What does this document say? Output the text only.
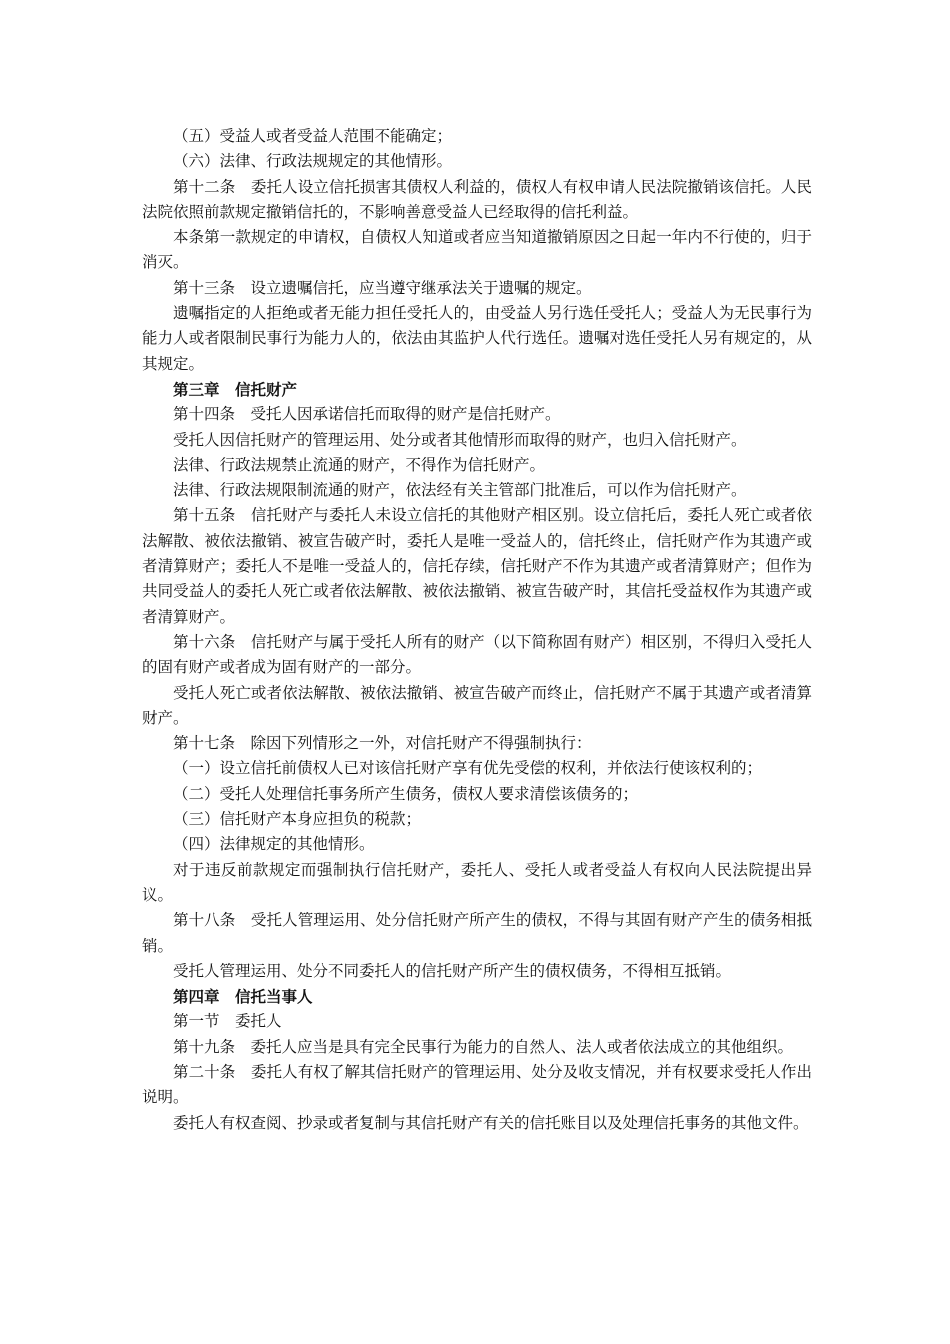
（五）受益人或者受益人范围不能确定；

（六）法律、行政法规规定的其他情形。

第十二条　委托人设立信托损害其债权人利益的，债权人有权申请人民法院撤销该信托。人民法院依照前款规定撤销信托的，不影响善意受益人已经取得的信托利益。

本条第一款规定的申请权，自债权人知道或者应当知道撤销原因之日起一年内不行使的，归于消灭。

第十三条　设立遗嘱信托，应当遵守继承法关于遗嘱的规定。

遗嘱指定的人拒绝或者无能力担任受托人的，由受益人另行选任受托人；受益人为无民事行为能力人或者限制民事行为能力人的，依法由其监护人代行选任。遗嘱对选任受托人另有规定的，从其规定。

第三章　信托财产

第十四条　受托人因承诺信托而取得的财产是信托财产。

受托人因信托财产的管理运用、处分或者其他情形而取得的财产，也归入信托财产。

法律、行政法规禁止流通的财产，不得作为信托财产。

法律、行政法规限制流通的财产，依法经有关主管部门批准后，可以作为信托财产。

第十五条　信托财产与委托人未设立信托的其他财产相区别。设立信托后，委托人死亡或者依法解散、被依法撤销、被宣告破产时，委托人是唯一受益人的，信托终止，信托财产作为其遗产或者清算财产；委托人不是唯一受益人的，信托存续，信托财产不作为其遗产或者清算财产；但作为共同受益人的委托人死亡或者依法解散、被依法撤销、被宣告破产时，其信托受益权作为其遗产或者清算财产。

第十六条　信托财产与属于受托人所有的财产（以下简称固有财产）相区别，不得归入受托人的固有财产或者成为固有财产的一部分。

受托人死亡或者依法解散、被依法撤销、被宣告破产而终止，信托财产不属于其遗产或者清算财产。

第十七条　除因下列情形之一外，对信托财产不得强制执行：

（一）设立信托前债权人已对该信托财产享有优先受偿的权利，并依法行使该权利的；

（二）受托人处理信托事务所产生债务，债权人要求清偿该债务的；

（三）信托财产本身应担负的税款；

（四）法律规定的其他情形。

对于违反前款规定而强制执行信托财产，委托人、受托人或者受益人有权向人民法院提出异议。

第十八条　受托人管理运用、处分信托财产所产生的债权，不得与其固有财产产生的债务相抵销。

受托人管理运用、处分不同委托人的信托财产所产生的债权债务，不得相互抵销。

第四章　信托当事人

第一节　委托人

第十九条　委托人应当是具有完全民事行为能力的自然人、法人或者依法成立的其他组织。

第二十条　委托人有权了解其信托财产的管理运用、处分及收支情况，并有权要求受托人作出说明。

委托人有权查阅、抄录或者复制与其信托财产有关的信托账目以及处理信托事务的其他文件。
